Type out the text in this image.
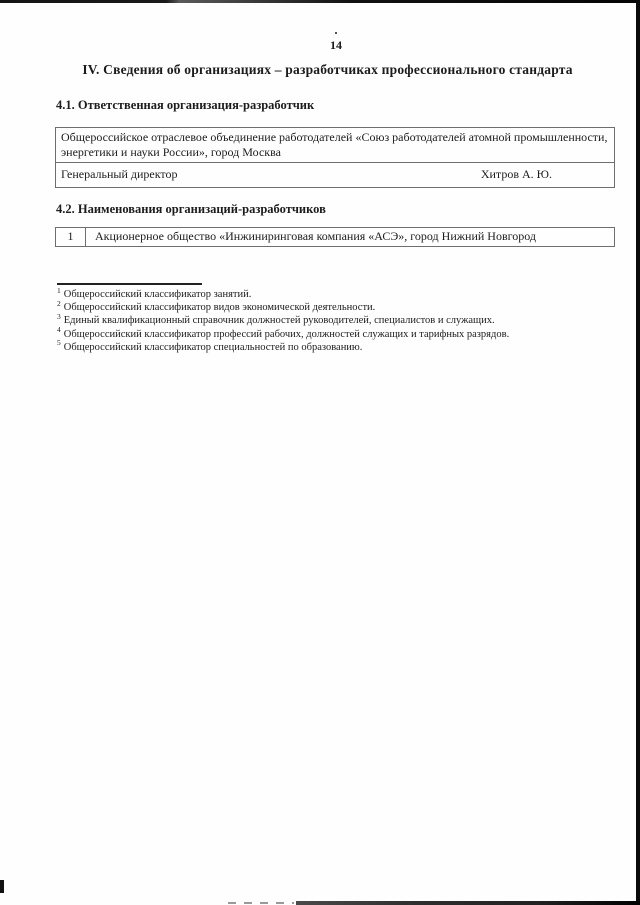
14
IV. Сведения об организациях – разработчиках профессионального стандарта
4.1. Ответственная организация-разработчик
Общероссийское отраслевое объединение работодателей «Союз работодателей атомной промышленности, энергетики и науки России», город Москва
Генеральный директор	Хитров А. Ю.
4.2. Наименования организаций-разработчиков
1	Акционерное общество «Инжиниринговая компания «АСЭ», город Нижний Новгород
$^1$ Общероссийский классификатор занятий.
$^2$ Общероссийский классификатор видов экономической деятельности.
$^3$ Единый квалификационный справочник должностей руководителей, специалистов и служащих.
$^4$ Общероссийский классификатор профессий рабочих, должностей служащих и тарифных разрядов.
$^5$ Общероссийский классификатор специальностей по образованию.
